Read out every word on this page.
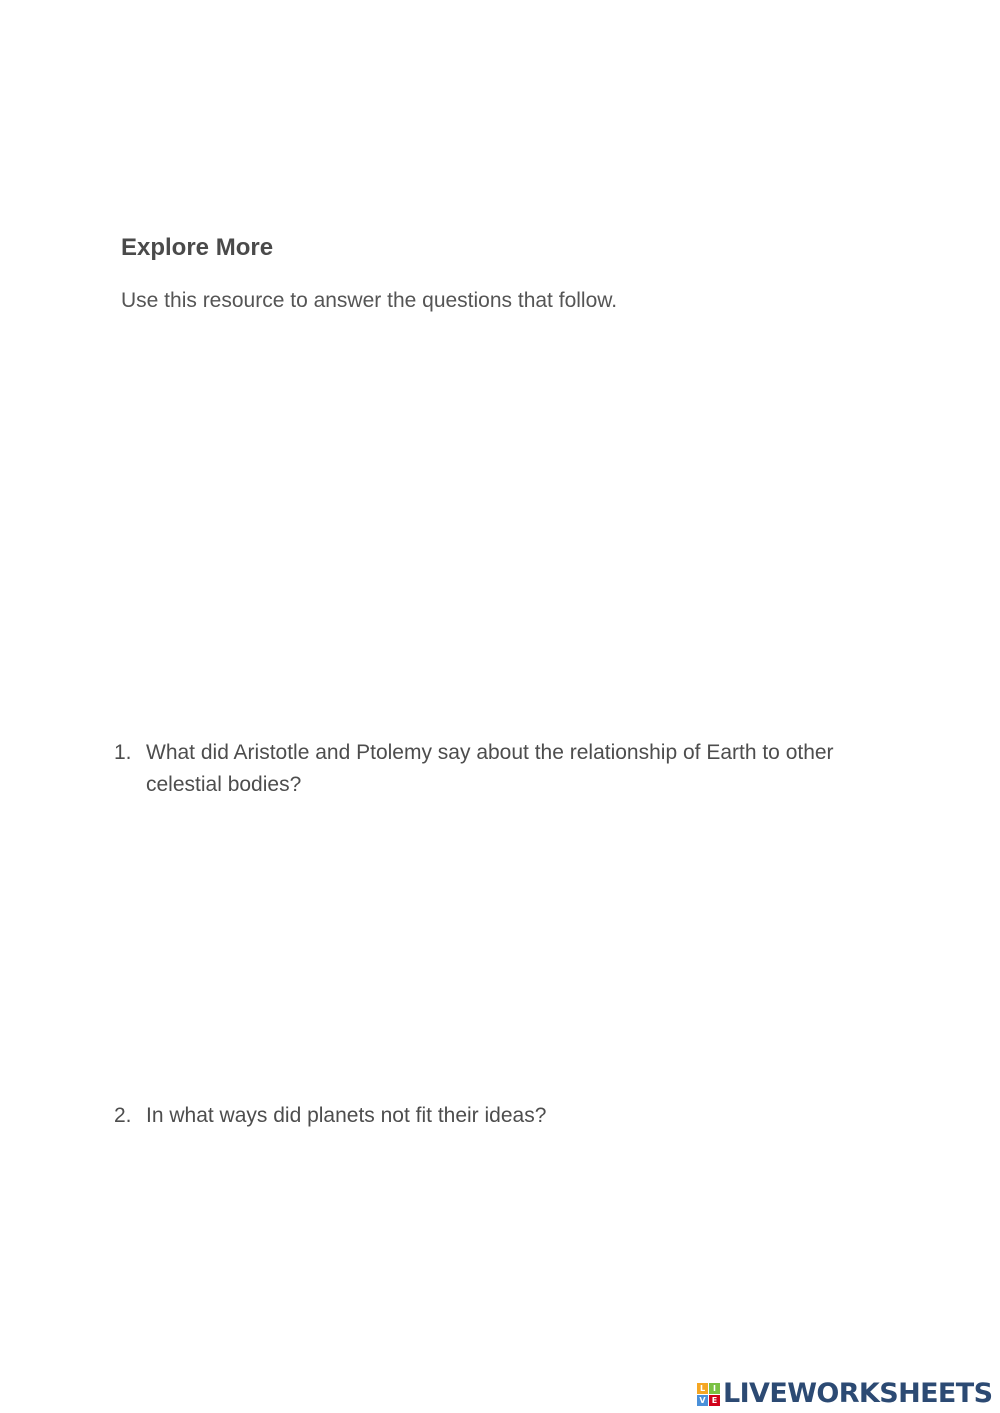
Explore More

Use this resource to answer the questions that follow.

1. What did Aristotle and Ptolemy say about the relationship of Earth to other celestial bodies?
2. In what ways did planets not fit their ideas?
L I
V E LIVEWORKSHEETS
